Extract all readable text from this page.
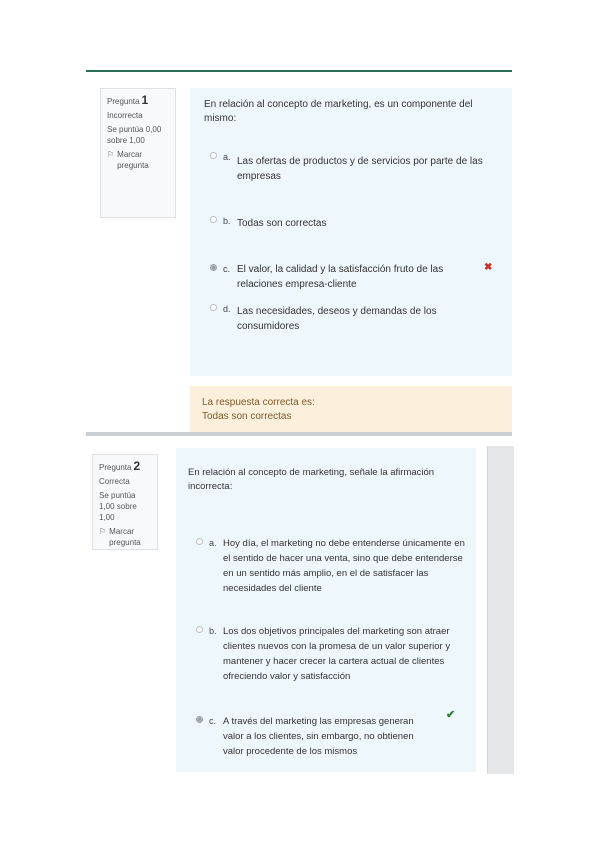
Pregunta 1
Incorrecta
Se puntúa 0,00 sobre 1,00
⚐ Marcar pregunta
En relación al concepto de marketing, es un componente del mismo:
a. Las ofertas de productos y de servicios por parte de las empresas
b. Todas son correctas
c. El valor, la calidad y la satisfacción fruto de las relaciones empresa-cliente
✖
d. Las necesidades, deseos y demandas de los consumidores
La respuesta correcta es:
Todas son correctas
Pregunta 2
Correcta
Se puntúa 1,00 sobre 1,00
⚐ Marcar pregunta
En relación al concepto de marketing, señale la afirmación incorrecta:
a. Hoy día, el marketing no debe entenderse únicamente en el sentido de hacer una venta, sino que debe entenderse en un sentido más amplio, en el de satisfacer las necesidades del cliente
b. Los dos objetivos principales del marketing son atraer clientes nuevos con la promesa de un valor superior y mantener y hacer crecer la cartera actual de clientes ofreciendo valor y satisfacción
c. A través del marketing las empresas generan valor a los clientes, sin embargo, no obtienen valor procedente de los mismos
✔
